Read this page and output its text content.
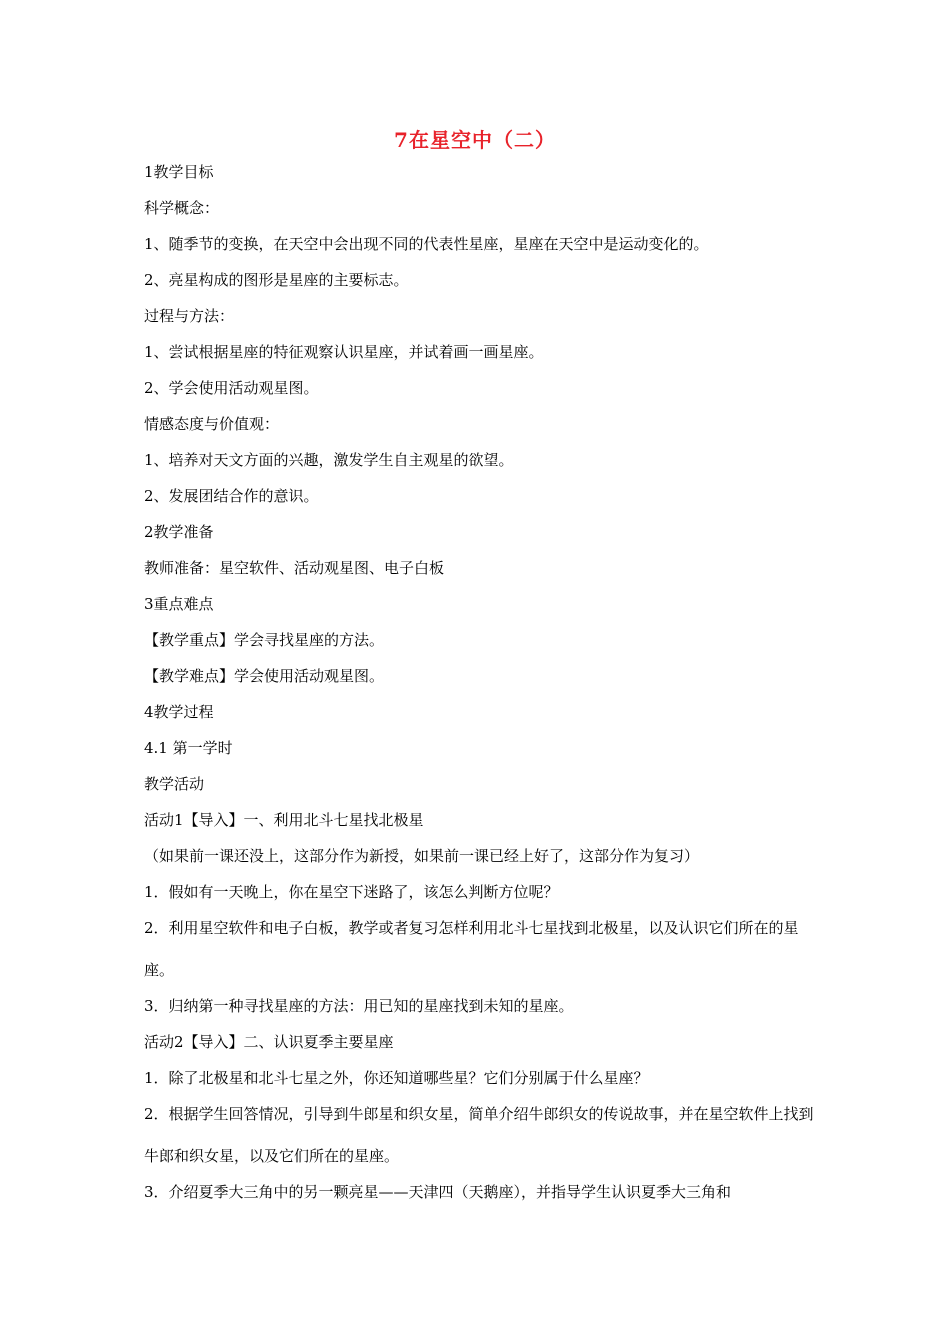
7在星空中（二）
1教学目标
科学概念：
1、随季节的变换，在天空中会出现不同的代表性星座，星座在天空中是运动变化的。
2、亮星构成的图形是星座的主要标志。
过程与方法：
1、尝试根据星座的特征观察认识星座，并试着画一画星座。
2、学会使用活动观星图。
情感态度与价值观：
1、培养对天文方面的兴趣，激发学生自主观星的欲望。
2、发展团结合作的意识。
2教学准备
教师准备：星空软件、活动观星图、电子白板
3重点难点
【教学重点】学会寻找星座的方法。
【教学难点】学会使用活动观星图。
4教学过程
4.1 第一学时
教学活动
活动1【导入】一、利用北斗七星找北极星
（如果前一课还没上，这部分作为新授，如果前一课已经上好了，这部分作为复习）
1．假如有一天晚上，你在星空下迷路了，该怎么判断方位呢？
2．利用星空软件和电子白板，教学或者复习怎样利用北斗七星找到北极星，以及认识它们所在的星座。
3．归纳第一种寻找星座的方法：用已知的星座找到未知的星座。
活动2【导入】二、认识夏季主要星座
1．除了北极星和北斗七星之外，你还知道哪些星？它们分别属于什么星座？
2．根据学生回答情况，引导到牛郎星和织女星，简单介绍牛郎织女的传说故事，并在星空软件上找到牛郎和织女星，以及它们所在的星座。
3．介绍夏季大三角中的另一颗亮星——天津四（天鹅座），并指导学生认识夏季大三角和
